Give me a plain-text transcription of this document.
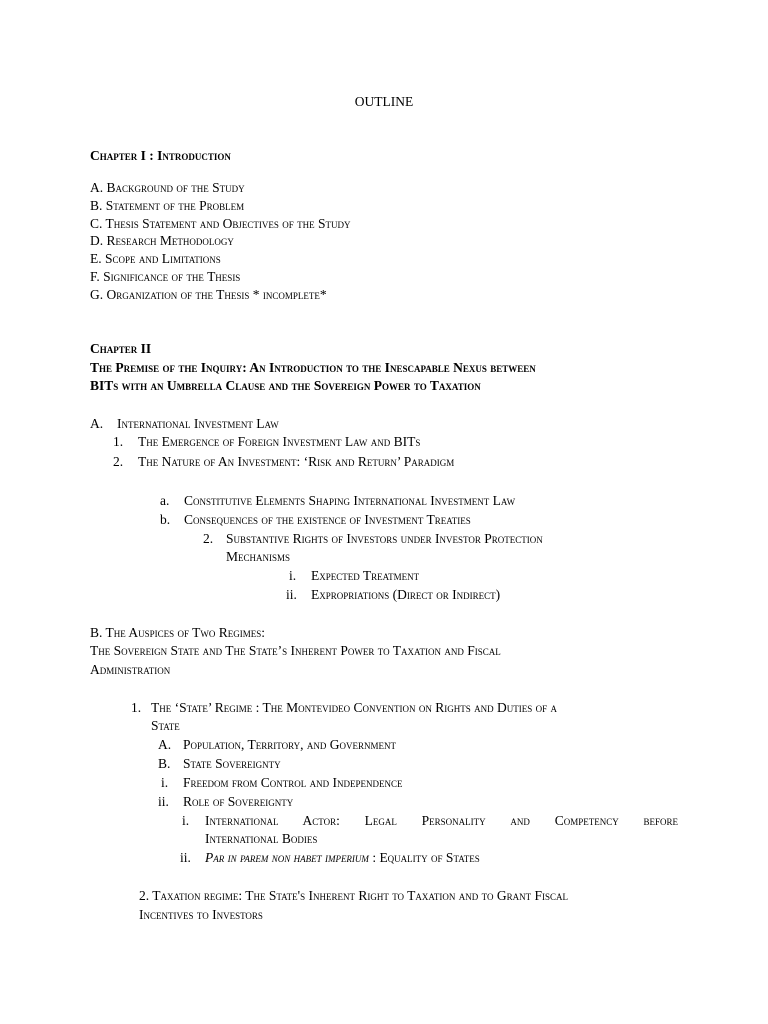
OUTLINE
Chapter I : Introduction
A. Background of the Study
B. Statement of the Problem
C. Thesis Statement and Objectives of the Study
D. Research Methodology
E. Scope and Limitations
F. Significance of the Thesis
G. Organization of the Thesis * incomplete*
Chapter II
The Premise of the Inquiry: An Introduction to the Inescapable Nexus between
BITs with an Umbrella Clause and the Sovereign Power to Taxation
A. International Investment Law
1. The Emergence of Foreign Investment Law and BITs
2. The Nature of An Investment: ‘Risk and Return’ Paradigm
a. Constitutive Elements Shaping International Investment Law
b. Consequences of the existence of Investment Treaties
2. Substantive Rights of Investors under Investor Protection
Mechanisms
i. Expected Treatment
ii. Expropriations (Direct or Indirect)
B. The Auspices of Two Regimes:
The Sovereign State and The State’s Inherent Power to Taxation and Fiscal
Administration
1. The ‘State’ Regime : The Montevideo Convention on Rights and Duties of a
State
A. Population, Territory, and Government
B. State Sovereignty
i. Freedom from Control and Independence
ii. Role of Sovereignty
i. International Actor: Legal Personality and Competency before
International Bodies
ii. Par in parem non habet imperium : Equality of States
2. Taxation regime: The State's Inherent Right to Taxation and to Grant Fiscal
Incentives to Investors
